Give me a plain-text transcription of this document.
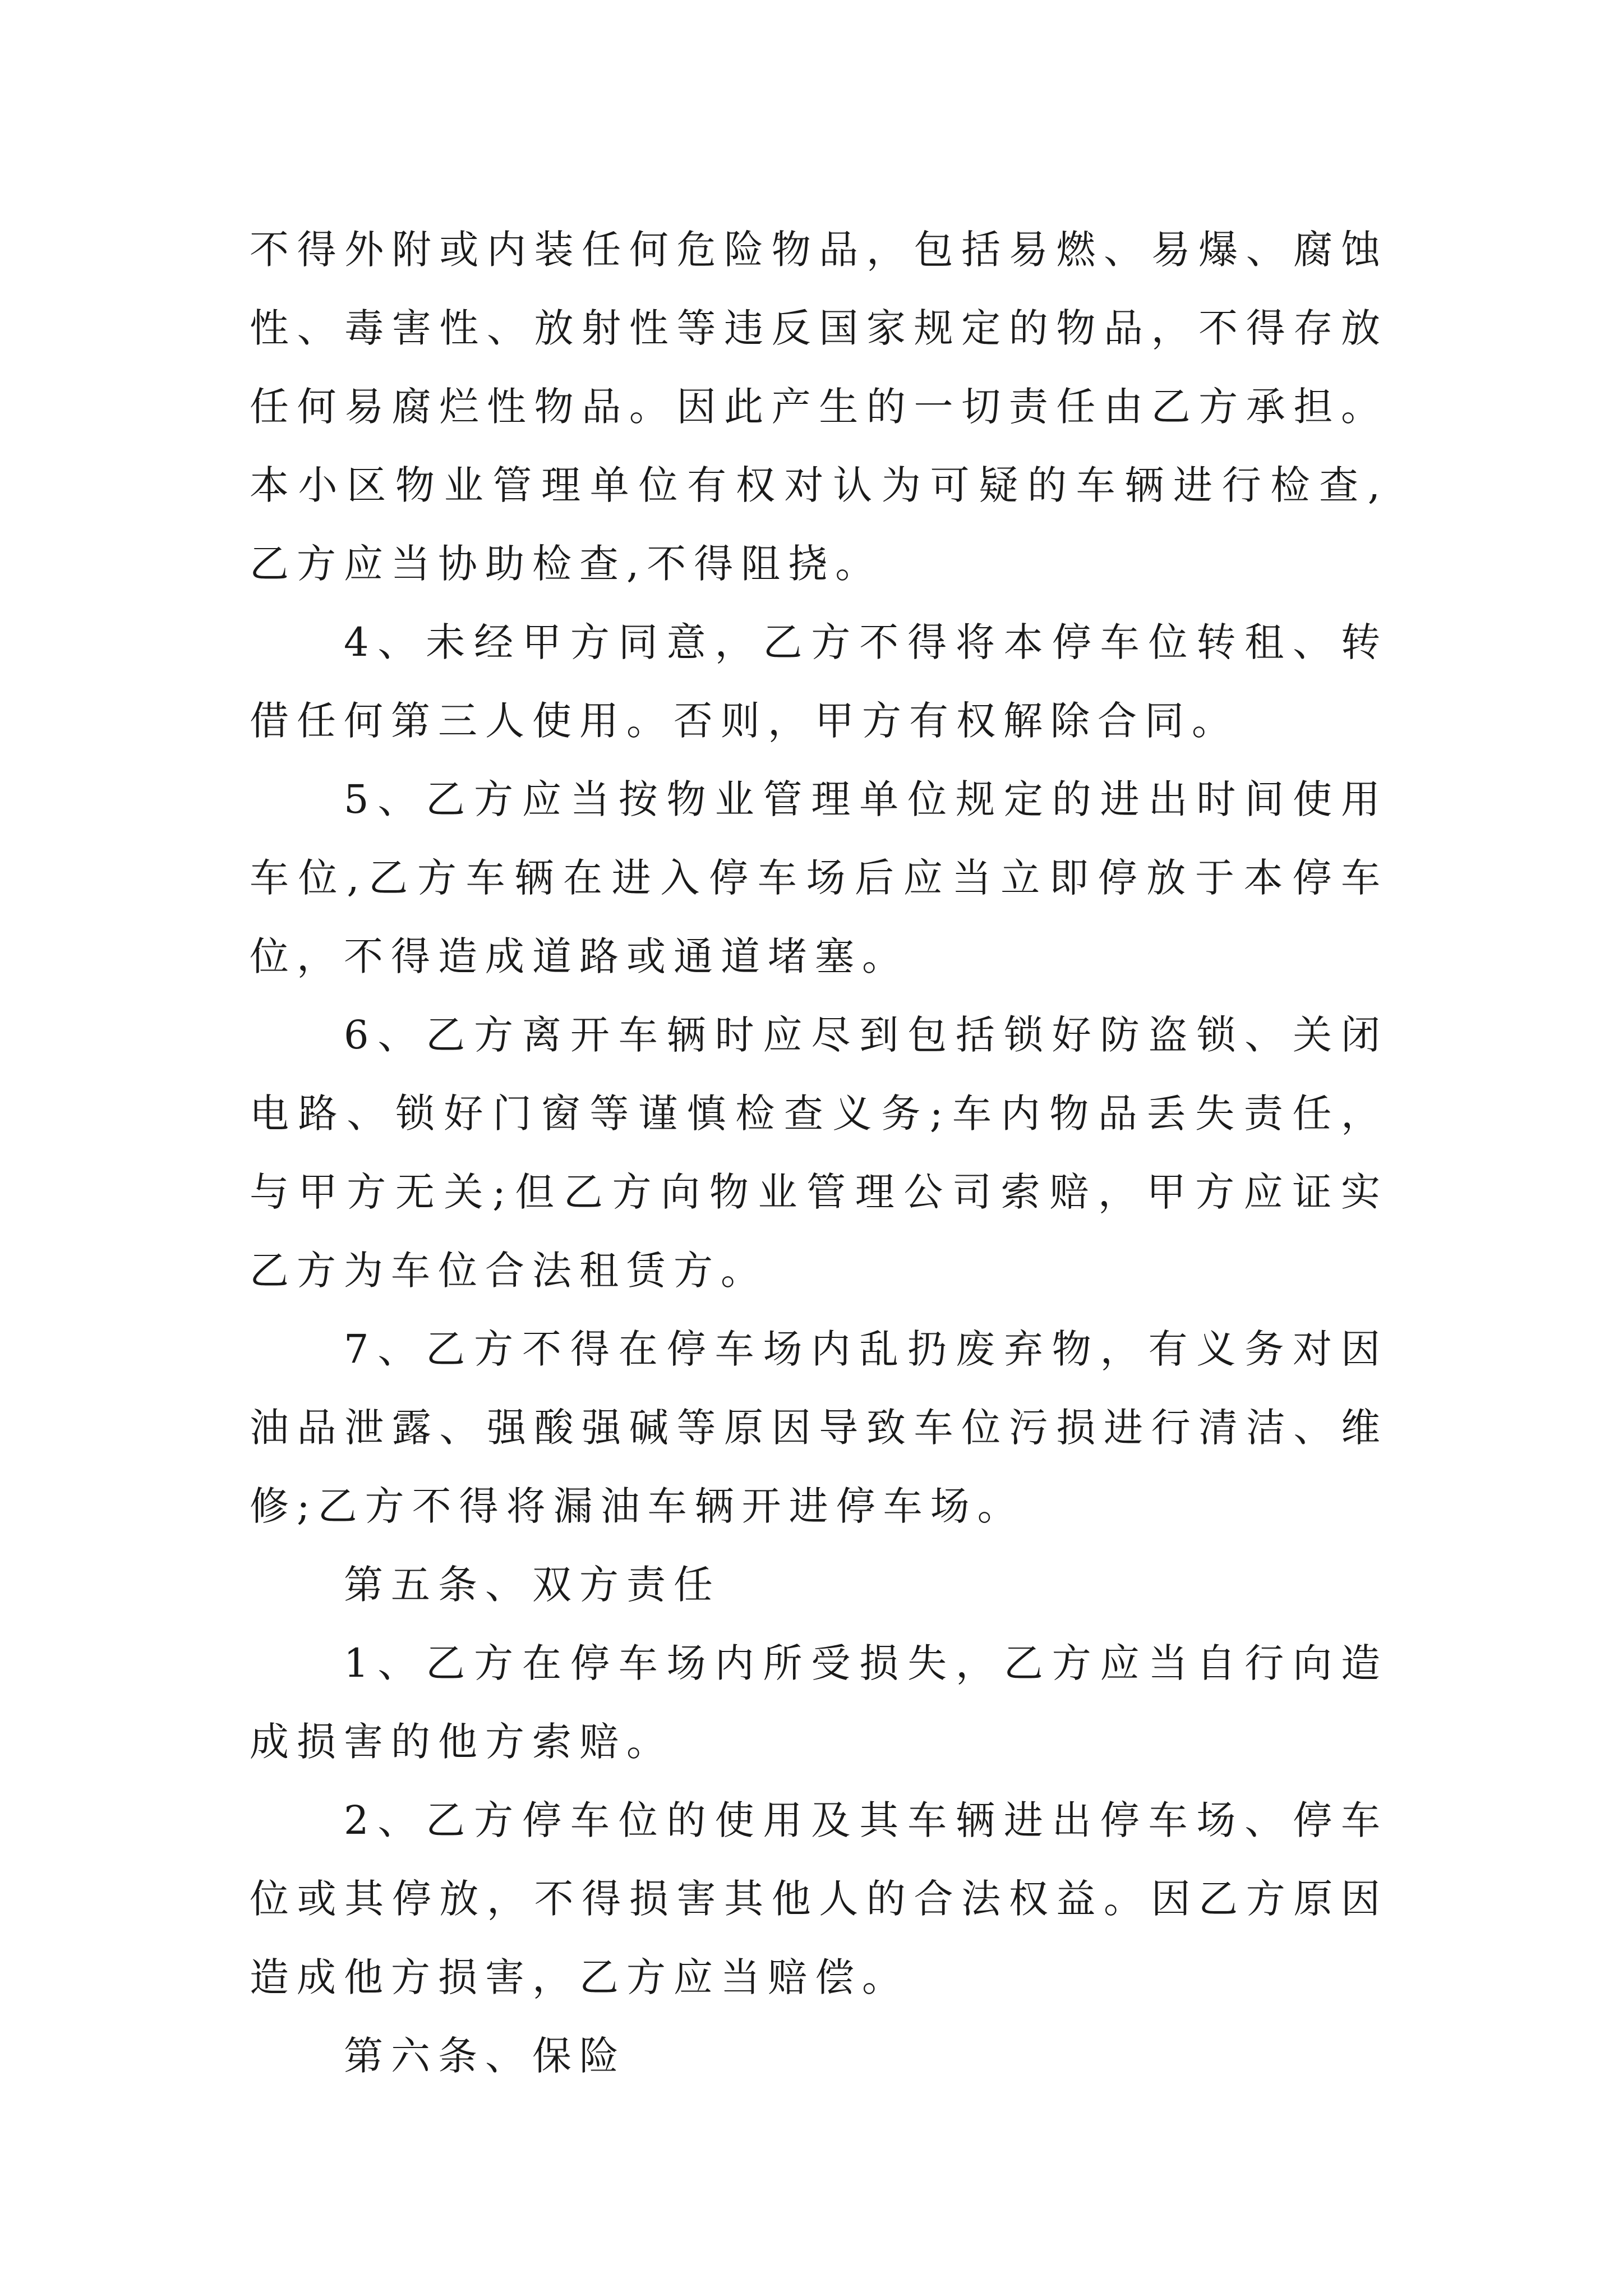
不得外附或内装任何危险物品，包括易燃、易爆、腐蚀性、毒害性、放射性等违反国家规定的物品，不得存放任何易腐烂性物品。因此产生的一切责任由乙方承担。本小区物业管理单位有权对认为可疑的车辆进行检查,乙方应当协助检查,不得阻挠。

4、未经甲方同意，乙方不得将本停车位转租、转借任何第三人使用。否则，甲方有权解除合同。

5、乙方应当按物业管理单位规定的进出时间使用车位,乙方车辆在进入停车场后应当立即停放于本停车位，不得造成道路或通道堵塞。

6、乙方离开车辆时应尽到包括锁好防盗锁、关闭电路、锁好门窗等谨慎检查义务;车内物品丢失责任，与甲方无关;但乙方向物业管理公司索赔，甲方应证实乙方为车位合法租赁方。

7、乙方不得在停车场内乱扔废弃物，有义务对因油品泄露、强酸强碱等原因导致车位污损进行清洁、维修;乙方不得将漏油车辆开进停车场。

第五条、双方责任

1、乙方在停车场内所受损失，乙方应当自行向造成损害的他方索赔。

2、乙方停车位的使用及其车辆进出停车场、停车位或其停放，不得损害其他人的合法权益。因乙方原因造成他方损害，乙方应当赔偿。

第六条、保险
